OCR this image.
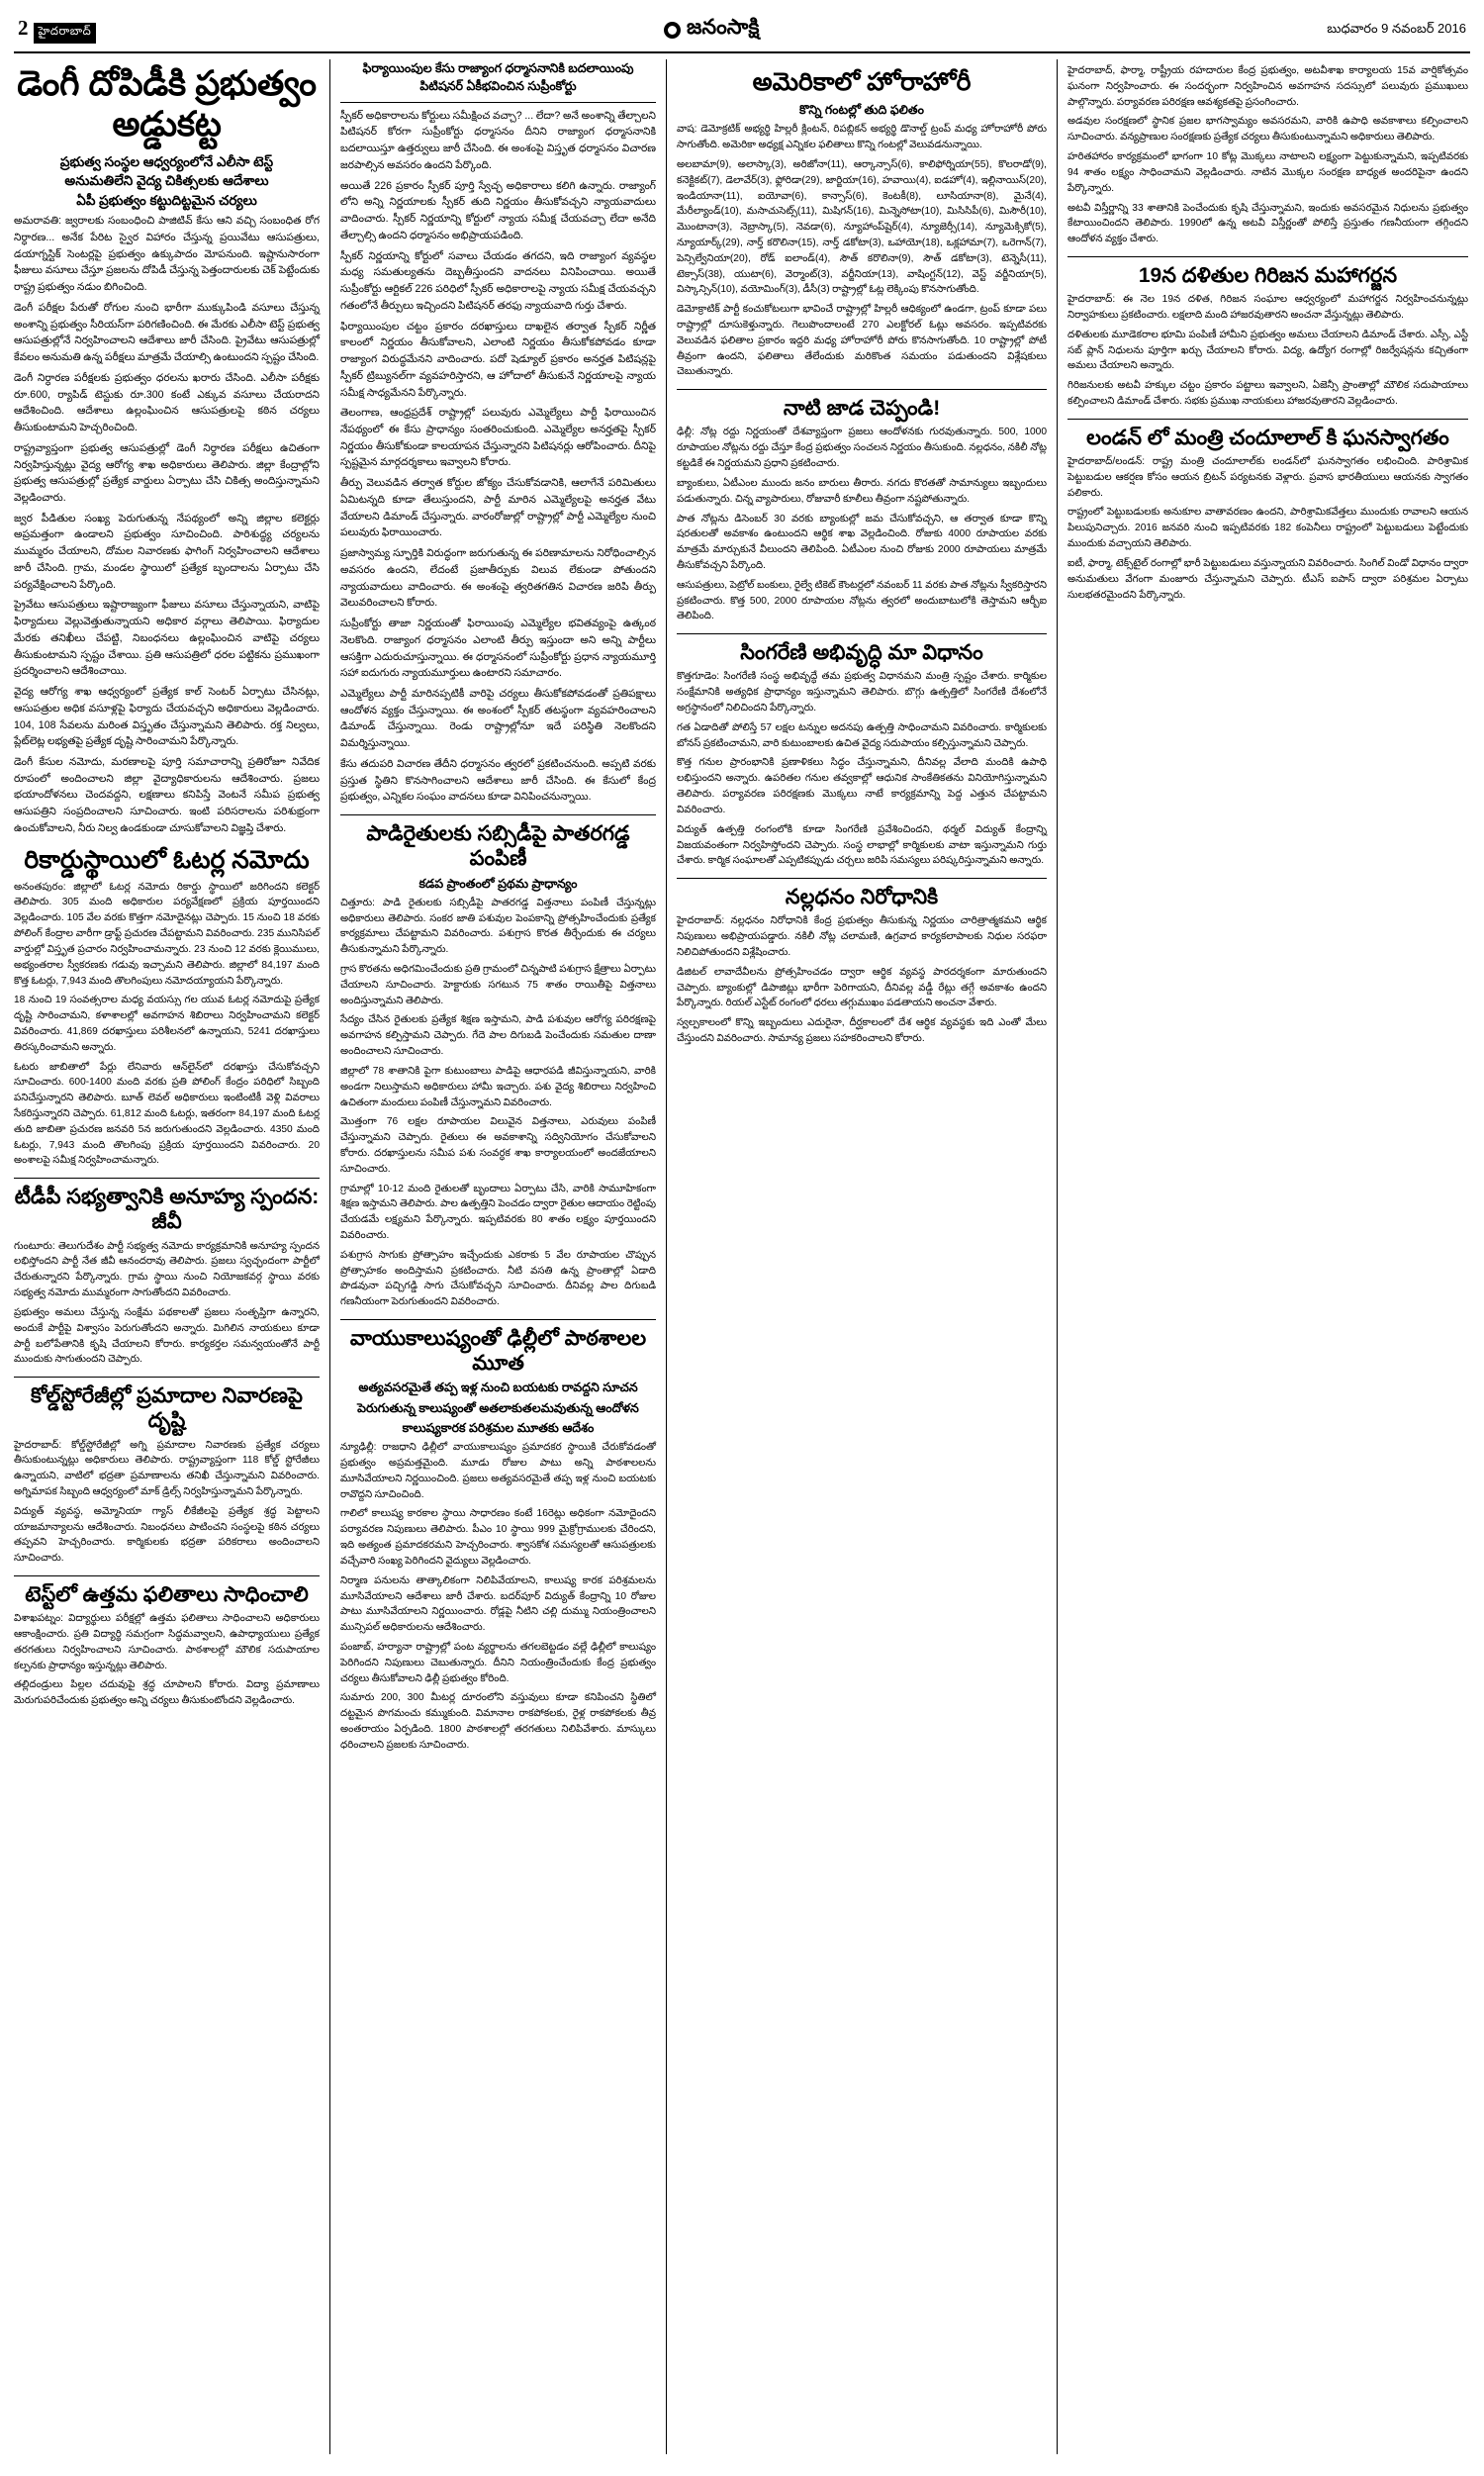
2 హైదరాబాద్	జనంసాక్షి	బుధవారం 9 నవంబర్ 2016
డెంగీ దోపిడీకి ప్రభుత్వం అడ్డుకట్ట
ప్రభుత్వ సంస్థల ఆధ్వర్యంలోనే ఎలీసా టెస్ట్
అనుమతిలేని వైద్య చికిత్సలకు ఆదేశాలు
ఏపీ ప్రభుత్వం కట్టుదిట్టమైన చర్యలు

అమరావతి: జ్వరాలకు సంబంధించి పాజిటివ్ కేసు ఆని వచ్చి సంబంధిత రోగ నిర్ధారణ... అనేక పేరిట స్వైర విహారం చేస్తున్న ప్రయివేటు ఆసుపత్రులు, డయాగ్నస్టిక్ సెంటర్లపై ప్రభుత్వం ఉక్కుపాదం మోపనుంది. ఇష్టానుసారంగా ఫీజులు వసూలు చేస్తూ ప్రజలను దోపిడీ చేస్తున్న పెత్తందారులకు చెక్ పెట్టేందుకు రాష్ట్ర ప్రభుత్వం నడుం బిగించింది.

డెంగీ పరీక్షల పేరుతో రోగుల నుంచి భారీగా ముక్కుపిండి వసూలు చేస్తున్న అంశాన్ని ప్రభుత్వం సీరియస్‌గా పరిగణించింది. ఈ మేరకు ఎలీసా టెస్ట్ ప్రభుత్వ ఆసుపత్రుల్లోనే నిర్వహించాలని ఆదేశాలు జారీ చేసింది. ప్రైవేటు ఆసుపత్రుల్లో కేవలం అనుమతి ఉన్న పరీక్షలు మాత్రమే చేయాల్సి ఉంటుందని స్పష్టం చేసింది.

డెంగీ నిర్ధారణ పరీక్షలకు ప్రభుత్వం ధరలను ఖరారు చేసింది. ఎలీసా పరీక్షకు రూ.600, ర్యాపిడ్ టెస్టుకు రూ.300 కంటే ఎక్కువ వసూలు చేయరాదని ఆదేశించింది. ఆదేశాలు ఉల్లంఘించిన ఆసుపత్రులపై కఠిన చర్యలు తీసుకుంటామని హెచ్చరించింది.

రాష్ట్రవ్యాప్తంగా ప్రభుత్వ ఆసుపత్రుల్లో డెంగీ నిర్ధారణ పరీక్షలు ఉచితంగా నిర్వహిస్తున్నట్లు వైద్య ఆరోగ్య శాఖ అధికారులు తెలిపారు. జిల్లా కేంద్రాల్లోని ప్రభుత్వ ఆసుపత్రుల్లో ప్రత్యేక వార్డులు ఏర్పాటు చేసి చికిత్స అందిస్తున్నామని వెల్లడించారు.

జ్వర పీడితుల సంఖ్య పెరుగుతున్న నేపథ్యంలో అన్ని జిల్లాల కలెక్టర్లు అప్రమత్తంగా ఉండాలని ప్రభుత్వం సూచించింది. పారిశుద్ధ్య చర్యలను ముమ్మరం చేయాలని, దోమల నివారణకు ఫాగింగ్ నిర్వహించాలని ఆదేశాలు జారీ చేసింది. గ్రామ, మండల స్థాయిలో ప్రత్యేక బృందాలను ఏర్పాటు చేసి పర్యవేక్షించాలని పేర్కొంది.

ప్రైవేటు ఆసుపత్రులు ఇష్టారాజ్యంగా ఫీజులు వసూలు చేస్తున్నాయని, వాటిపై ఫిర్యాదులు వెల్లువెత్తుతున్నాయని అధికార వర్గాలు తెలిపాయి. ఫిర్యాదుల మేరకు తనిఖీలు చేపట్టి, నిబంధనలు ఉల్లంఘించిన వాటిపై చర్యలు తీసుకుంటామని స్పష్టం చేశాయి. ప్రతి ఆసుపత్రిలో ధరల పట్టికను ప్రముఖంగా ప్రదర్శించాలని ఆదేశించాయి.

వైద్య ఆరోగ్య శాఖ ఆధ్వర్యంలో ప్రత్యేక కాల్ సెంటర్ ఏర్పాటు చేసినట్లు, ఆసుపత్రుల అధిక వసూళ్లపై ఫిర్యాదు చేయవచ్చని అధికారులు వెల్లడించారు. 104, 108 సేవలను మరింత విస్తృతం చేస్తున్నామని తెలిపారు. రక్త నిల్వలు, ప్లేట్‌లెట్ల లభ్యతపై ప్రత్యేక దృష్టి సారించామని పేర్కొన్నారు.

డెంగీ కేసుల నమోదు, మరణాలపై పూర్తి సమాచారాన్ని ప్రతిరోజూ నివేదిక రూపంలో అందించాలని జిల్లా వైద్యాధికారులను ఆదేశించారు. ప్రజలు భయాందోళనలు చెందవద్దని, లక్షణాలు కనిపిస్తే వెంటనే సమీప ప్రభుత్వ ఆసుపత్రిని సంప్రదించాలని సూచించారు. ఇంటి పరిసరాలను పరిశుభ్రంగా ఉంచుకోవాలని, నీరు నిల్వ ఉండకుండా చూసుకోవాలని విజ్ఞప్తి చేశారు.

రికార్డుస్థాయిలో ఓటర్ల నమోదు

అనంతపురం: జిల్లాలో ఓటర్ల నమోదు రికార్డు స్థాయిలో జరిగిందని కలెక్టర్ తెలిపారు. 305 మంది అధికారుల పర్యవేక్షణలో ప్రక్రియ పూర్తయిందని వెల్లడించారు. 105 వేల వరకు కొత్తగా నమోదైనట్లు చెప్పారు. 15 నుంచి 18 వరకు పోలింగ్ కేంద్రాల వారీగా డ్రాఫ్ట్ ప్రచురణ చేపట్టామని వివరించారు. 235 మునిసిపల్ వార్డుల్లో విస్తృత ప్రచారం నిర్వహించామన్నారు. 23 నుంచి 12 వరకు క్లెయిములు, అభ్యంతరాల స్వీకరణకు గడువు ఇచ్చామని తెలిపారు. జిల్లాలో 84,197 మంది కొత్త ఓటర్లు, 7,943 మంది తొలగింపులు నమోదయ్యాయని పేర్కొన్నారు.

18 నుంచి 19 సంవత్సరాల మధ్య వయస్సు గల యువ ఓటర్ల నమోదుపై ప్రత్యేక దృష్టి సారించామని, కళాశాలల్లో అవగాహన శిబిరాలు నిర్వహించామని కలెక్టర్ వివరించారు. 41,869 దరఖాస్తులు పరిశీలనలో ఉన్నాయని, 5241 దరఖాస్తులు తిరస్కరించామని అన్నారు.

ఓటరు జాబితాలో పేర్లు లేనివారు ఆన్‌లైన్‌లో దరఖాస్తు చేసుకోవచ్చని సూచించారు. 600-1400 మంది వరకు ప్రతి పోలింగ్ కేంద్రం పరిధిలో సిబ్బంది పనిచేస్తున్నారని తెలిపారు. బూత్ లెవల్ అధికారులు ఇంటింటికీ వెళ్లి వివరాలు సేకరిస్తున్నారని చెప్పారు. 61,812 మంది ఓటర్లు, ఇతరంగా 84,197 మంది ఓటర్ల తుది జాబితా ప్రచురణ జనవరి 5న జరుగుతుందని వెల్లడించారు. 4350 మంది ఓటర్లు, 7,943 మంది తొలగింపు ప్రక్రియ పూర్తయిందని వివరించారు. 20 అంశాలపై సమీక్ష నిర్వహించామన్నారు.

టీడీపీ సభ్యత్వానికి అనూహ్య స్పందన: జీవీ

గుంటూరు: తెలుగుదేశం పార్టీ సభ్యత్వ నమోదు కార్యక్రమానికి అనూహ్య స్పందన లభిస్తోందని పార్టీ నేత జీవీ ఆనందరావు తెలిపారు. ప్రజలు స్వచ్ఛందంగా పార్టీలో చేరుతున్నారని పేర్కొన్నారు. గ్రామ స్థాయి నుంచి నియోజకవర్గ స్థాయి వరకు సభ్యత్వ నమోదు ముమ్మరంగా సాగుతోందని వివరించారు.

ప్రభుత్వం అమలు చేస్తున్న సంక్షేమ పథకాలతో ప్రజలు సంతృప్తిగా ఉన్నారని, అందుకే పార్టీపై విశ్వాసం పెరుగుతోందని అన్నారు. మిగిలిన నాయకులు కూడా పార్టీ బలోపేతానికి కృషి చేయాలని కోరారు. కార్యకర్తల సమన్వయంతోనే పార్టీ ముందుకు సాగుతుందని చెప్పారు.

కోల్డ్‌స్టోరేజీల్లో ప్రమాదాల నివారణపై దృష్టి

హైదరాబాద్: కోల్డ్‌స్టోరేజీల్లో అగ్ని ప్రమాదాల నివారణకు ప్రత్యేక చర్యలు తీసుకుంటున్నట్లు అధికారులు తెలిపారు. రాష్ట్రవ్యాప్తంగా 118 కోల్డ్ స్టోరేజీలు ఉన్నాయని, వాటిలో భద్రతా ప్రమాణాలను తనిఖీ చేస్తున్నామని వివరించారు. అగ్నిమాపక సిబ్బంది ఆధ్వర్యంలో మాక్ డ్రిల్స్ నిర్వహిస్తున్నామని పేర్కొన్నారు.

విద్యుత్ వ్యవస్థ, అమ్మోనియా గ్యాస్ లీకేజీలపై ప్రత్యేక శ్రద్ధ పెట్టాలని యాజమాన్యాలను ఆదేశించారు. నిబంధనలు పాటించని సంస్థలపై కఠిన చర్యలు తప్పవని హెచ్చరించారు. కార్మికులకు భద్రతా పరికరాలు అందించాలని సూచించారు.

టెస్ట్‌లో ఉత్తమ ఫలితాలు సాధించాలి

విశాఖపట్నం: విద్యార్థులు పరీక్షల్లో ఉత్తమ ఫలితాలు సాధించాలని అధికారులు ఆకాంక్షించారు. ప్రతి విద్యార్థి సమగ్రంగా సిద్ధమవ్వాలని, ఉపాధ్యాయులు ప్రత్యేక తరగతులు నిర్వహించాలని సూచించారు. పాఠశాలల్లో మౌలిక సదుపాయాల కల్పనకు ప్రాధాన్యం ఇస్తున్నట్లు తెలిపారు.

తల్లిదండ్రులు పిల్లల చదువుపై శ్రద్ధ చూపాలని కోరారు. విద్యా ప్రమాణాలు మెరుగుపరిచేందుకు ప్రభుత్వం అన్ని చర్యలు తీసుకుంటోందని వెల్లడించారు.

ఫిర్యాయింపుల కేసు రాజ్యాంగ ధర్మాసనానికి బదలాయింపు
పిటిషనర్ ఏకీభవించిన సుప్రీంకోర్టు

స్పీకర్ అధికారాలను కోర్టులు సమీక్షించ వచ్చా? ... లేదా? అనే అంశాన్ని తేల్చాలని పిటిషనర్ కోరగా సుప్రీంకోర్టు ధర్మాసనం దీనిని రాజ్యాంగ ధర్మాసనానికి బదలాయిస్తూ ఉత్తర్వులు జారీ చేసింది. ఈ అంశంపై విస్తృత ధర్మాసనం విచారణ జరపాల్సిన అవసరం ఉందని పేర్కొంది.

అయితే 226 ప్రకారం స్పీకర్ పూర్తి స్వేచ్ఛ అధికారాలు కలిగి ఉన్నారు. రాజ్యాంగ్ లోని అన్ని నిర్ణయాలకు స్పీకర్ తుది నిర్ణయం తీసుకోవచ్చని న్యాయవాదులు వాదించారు. స్పీకర్ నిర్ణయాన్ని కోర్టులో న్యాయ సమీక్ష చేయవచ్చా లేదా అనేది తేల్చాల్సి ఉందని ధర్మాసనం అభిప్రాయపడింది.

స్పీకర్ నిర్ణయాన్ని కోర్టులో సవాలు చేయడం తగదని, ఇది రాజ్యాంగ వ్యవస్థల మధ్య సమతుల్యతను దెబ్బతీస్తుందని వాదనలు వినిపించాయి. అయితే సుప్రీంకోర్టు ఆర్టికల్ 226 పరిధిలో స్పీకర్ అధికారాలపై న్యాయ సమీక్ష చేయవచ్చని గతంలోనే తీర్పులు ఇచ్చిందని పిటిషనర్ తరఫు న్యాయవాది గుర్తు చేశారు.

ఫిర్యాయింపుల చట్టం ప్రకారం దరఖాస్తులు దాఖలైన తర్వాత స్పీకర్ నిర్ణీత కాలంలో నిర్ణయం తీసుకోవాలని, ఎలాంటి నిర్ణయం తీసుకోకపోవడం కూడా రాజ్యాంగ విరుద్ధమేనని వాదించారు. పదో షెడ్యూల్ ప్రకారం అనర్హత పిటిషన్లపై స్పీకర్ ట్రిబ్యునల్‌గా వ్యవహరిస్తారని, ఆ హోదాలో తీసుకునే నిర్ణయాలపై న్యాయ సమీక్ష సాధ్యమేనని పేర్కొన్నారు.

తెలంగాణ, ఆంధ్రప్రదేశ్ రాష్ట్రాల్లో పలువురు ఎమ్మెల్యేలు పార్టీ ఫిరాయించిన నేపథ్యంలో ఈ కేసు ప్రాధాన్యం సంతరించుకుంది. ఎమ్మెల్యేల అనర్హతపై స్పీకర్ నిర్ణయం తీసుకోకుండా కాలయాపన చేస్తున్నారని పిటిషనర్లు ఆరోపించారు. దీనిపై స్పష్టమైన మార్గదర్శకాలు ఇవ్వాలని కోరారు.

తీర్పు వెలువడిన తర్వాత కోర్టుల జోక్యం చేసుకోవడానికి, ఆలాగేనే పరిమితులు ఏమిటన్నది కూడా తేలుస్తుందని, పార్టీ మారిన ఎమ్మెల్యేలపై అనర్హత వేటు వేయాలని డిమాండ్ చేస్తున్నారు. వారంరోజుల్లో రాష్ట్రాల్లో పార్టీ ఎమ్మెల్యేల నుంచి పలువురు ఫిరాయించారు.

ప్రజాస్వామ్య స్ఫూర్తికి విరుద్ధంగా జరుగుతున్న ఈ పరిణామాలను నిరోధించాల్సిన అవసరం ఉందని, లేదంటే ప్రజాతీర్పుకు విలువ లేకుండా పోతుందని న్యాయవాదులు వాదించారు. ఈ అంశంపై త్వరితగతిన విచారణ జరిపి తీర్పు వెలువరించాలని కోరారు.

సుప్రీంకోర్టు తాజా నిర్ణయంతో ఫిరాయింపు ఎమ్మెల్యేల భవితవ్యంపై ఉత్కంఠ నెలకొంది. రాజ్యాంగ ధర్మాసనం ఎలాంటి తీర్పు ఇస్తుందా అని అన్ని పార్టీలు ఆసక్తిగా ఎదురుచూస్తున్నాయి. ఈ ధర్మాసనంలో సుప్రీంకోర్టు ప్రధాన న్యాయమూర్తి సహా ఐదుగురు న్యాయమూర్తులు ఉంటారని సమాచారం.

ఎమ్మెల్యేలు పార్టీ మారినప్పటికీ వారిపై చర్యలు తీసుకోకపోవడంతో ప్రతిపక్షాలు ఆందోళన వ్యక్తం చేస్తున్నాయి. ఈ అంశంలో స్పీకర్ తటస్థంగా వ్యవహరించాలని డిమాండ్ చేస్తున్నాయి. రెండు రాష్ట్రాల్లోనూ ఇదే పరిస్థితి నెలకొందని విమర్శిస్తున్నాయి.

కేసు తదుపరి విచారణ తేదీని ధర్మాసనం త్వరలో ప్రకటించనుంది. అప్పటి వరకు ప్రస్తుత స్థితిని కొనసాగించాలని ఆదేశాలు జారీ చేసింది. ఈ కేసులో కేంద్ర ప్రభుత్వం, ఎన్నికల సంఘం వాదనలు కూడా వినిపించనున్నాయి.

పాడిరైతులకు సబ్సిడీపై పాతరగడ్డ పంపిణీ
కడప ప్రాంతంలో ప్రథమ ప్రాధాన్యం

చిత్తూరు: పాడి రైతులకు సబ్సిడీపై పాతరగడ్డ విత్తనాలు పంపిణీ చేస్తున్నట్లు అధికారులు తెలిపారు. సంకర జాతి పశువుల పెంపకాన్ని ప్రోత్సహించేందుకు ప్రత్యేక కార్యక్రమాలు చేపట్టామని వివరించారు. పశుగ్రాస కొరత తీర్చేందుకు ఈ చర్యలు తీసుకున్నామని పేర్కొన్నారు.

గ్రాస కొరతను అధిగమించేందుకు ప్రతి గ్రామంలో చిన్నపాటి పశుగ్రాస క్షేత్రాలు ఏర్పాటు చేయాలని సూచించారు. హెక్టారుకు సగటున 75 శాతం రాయితీపై విత్తనాలు అందిస్తున్నామని తెలిపారు.

సేద్యం చేసిన రైతులకు ప్రత్యేక శిక్షణ ఇస్తామని, పాడి పశువుల ఆరోగ్య పరిరక్షణపై అవగాహన కల్పిస్తామని చెప్పారు. గేదె పాల దిగుబడి పెంచేందుకు సమతుల దాణా అందించాలని సూచించారు.

జిల్లాలో 78 శాతానికి పైగా కుటుంబాలు పాడిపై ఆధారపడి జీవిస్తున్నాయని, వారికి అండగా నిలుస్తామని అధికారులు హామీ ఇచ్చారు. పశు వైద్య శిబిరాలు నిర్వహించి ఉచితంగా మందులు పంపిణీ చేస్తున్నామని వివరించారు.

మొత్తంగా 76 లక్షల రూపాయల విలువైన విత్తనాలు, ఎరువులు పంపిణీ చేస్తున్నామని చెప్పారు. రైతులు ఈ అవకాశాన్ని సద్వినియోగం చేసుకోవాలని కోరారు. దరఖాస్తులను సమీప పశు సంవర్ధక శాఖ కార్యాలయంలో అందజేయాలని సూచించారు.

గ్రామాల్లో 10-12 మంది రైతులతో బృందాలు ఏర్పాటు చేసి, వారికి సామూహికంగా శిక్షణ ఇస్తామని తెలిపారు. పాల ఉత్పత్తిని పెంచడం ద్వారా రైతుల ఆదాయం రెట్టింపు చేయడమే లక్ష్యమని పేర్కొన్నారు. ఇప్పటివరకు 80 శాతం లక్ష్యం పూర్తయిందని వివరించారు.

పశుగ్రాస సాగుకు ప్రోత్సాహం ఇచ్చేందుకు ఎకరాకు 5 వేల రూపాయల చొప్పున ప్రోత్సాహకం అందిస్తామని ప్రకటించారు. నీటి వసతి ఉన్న ప్రాంతాల్లో ఏడాది పొడవునా పచ్చిగడ్డి సాగు చేసుకోవచ్చని సూచించారు. దీనివల్ల పాల దిగుబడి గణనీయంగా పెరుగుతుందని వివరించారు.

వాయుకాలుష్యంతో ఢిల్లీలో పాఠశాలల మూత
అత్యవసరమైతే తప్ప ఇళ్ల నుంచి బయటకు రావద్దని సూచన
పెరుగుతున్న కాలుష్యంతో అతలాకుతలమవుతున్న ఆందోళన
కాలుష్యకారక పరిశ్రమల మూతకు ఆదేశం

న్యూఢిల్లీ: రాజధాని ఢిల్లీలో వాయుకాలుష్యం ప్రమాదకర స్థాయికి చేరుకోవడంతో ప్రభుత్వం అప్రమత్తమైంది. మూడు రోజుల పాటు అన్ని పాఠశాలలను మూసివేయాలని నిర్ణయించింది. ప్రజలు అత్యవసరమైతే తప్ప ఇళ్ల నుంచి బయటకు రావొద్దని సూచించింది.

గాలిలో కాలుష్య కారకాల స్థాయి సాధారణం కంటే 16రెట్లు అధికంగా నమోదైందని పర్యావరణ నిపుణులు తెలిపారు. పీఎం 10 స్థాయి 999 మైక్రోగ్రాములకు చేరిందని, ఇది అత్యంత ప్రమాదకరమని హెచ్చరించారు. శ్వాసకోశ సమస్యలతో ఆసుపత్రులకు వచ్చేవారి సంఖ్య పెరిగిందని వైద్యులు వెల్లడించారు.

నిర్మాణ పనులను తాత్కాలికంగా నిలిపివేయాలని, కాలుష్య కారక పరిశ్రమలను మూసివేయాలని ఆదేశాలు జారీ చేశారు. బదర్‌పూర్ విద్యుత్ కేంద్రాన్ని 10 రోజుల పాటు మూసివేయాలని నిర్ణయించారు. రోడ్లపై నీటిని చల్లి దుమ్ము నియంత్రించాలని మున్సిపల్ అధికారులను ఆదేశించారు.

పంజాబ్, హర్యానా రాష్ట్రాల్లో పంట వ్యర్థాలను తగలబెట్టడం వల్లే ఢిల్లీలో కాలుష్యం పెరిగిందని నిపుణులు చెబుతున్నారు. దీనిని నియంత్రించేందుకు కేంద్ర ప్రభుత్వం చర్యలు తీసుకోవాలని ఢిల్లీ ప్రభుత్వం కోరింది.

సుమారు 200, 300 మీటర్ల దూరంలోని వస్తువులు కూడా కనిపించని స్థితిలో దట్టమైన పొగమంచు కమ్ముకుంది. విమానాల రాకపోకలకు, రైళ్ల రాకపోకలకు తీవ్ర అంతరాయం ఏర్పడింది. 1800 పాఠశాలల్లో తరగతులు నిలిపివేశారు. మాస్కులు ధరించాలని ప్రజలకు సూచించారు.

అమెరికాలో హోరాహోరీ
కొన్ని గంటల్లో తుది ఫలితం

వాష: డెమోక్రటిక్ అభ్యర్థి హిల్లరీ క్లింటన్, రిపబ్లికన్ అభ్యర్థి డొనాల్డ్ ట్రంప్ మధ్య హోరాహోరీ పోరు సాగుతోంది. అమెరికా అధ్యక్ష ఎన్నికల ఫలితాలు కొన్ని గంటల్లో వెలువడనున్నాయి.

అలబామా(9), అలాస్కా(3), అరిజోనా(11), ఆర్కాన్సాస్(6), కాలిఫోర్నియా(55), కొలరాడో(9), కనెక్టికట్(7), డెలావేర్(3), ఫ్లోరిడా(29), జార్జియా(16), హవాయి(4), ఐడహో(4), ఇల్లినాయిస్(20), ఇండియానా(11), ఐయోవా(6), కాన్సాస్(6), కెంటకీ(8), లూసియానా(8), మైనే(4), మేరీల్యాండ్(10), మసాచుసెట్స్(11), మిషిగన్(16), మిన్నెసోటా(10), మిసిసిపీ(6), మిసౌరీ(10), మొంటానా(3), నెబ్రాస్కా(5), నెవడా(6), న్యూహాంప్‌షైర్(4), న్యూజెర్సీ(14), న్యూమెక్సికో(5), న్యూయార్క్(29), నార్త్ కరొలినా(15), నార్త్ డకోటా(3), ఒహాయో(18), ఒక్లహామా(7), ఒరెగాన్(7), పెన్సిల్వేనియా(20), రోడ్ ఐలాండ్(4), సౌత్ కరొలినా(9), సౌత్ డకోటా(3), టెన్నెసీ(11), టెక్సాస్(38), యుటా(6), వెర్మాంట్(3), వర్జీనియా(13), వాషింగ్టన్(12), వెస్ట్ వర్జీనియా(5), విస్కాన్సిన్(10), వయోమింగ్(3), డీసీ(3) రాష్ట్రాల్లో ఓట్ల లెక్కింపు కొనసాగుతోంది.

డెమోక్రాటిక్ పార్టీ కంచుకోటలుగా భావించే రాష్ట్రాల్లో హిల్లరీ ఆధిక్యంలో ఉండగా, ట్రంప్ కూడా పలు రాష్ట్రాల్లో దూసుకెళ్తున్నారు. గెలుపొందాలంటే 270 ఎలక్టోరల్ ఓట్లు అవసరం. ఇప్పటివరకు వెలువడిన ఫలితాల ప్రకారం ఇద్దరి మధ్య హోరాహోరీ పోరు కొనసాగుతోంది. 10 రాష్ట్రాల్లో పోటీ తీవ్రంగా ఉందని, ఫలితాలు తేలేందుకు మరికొంత సమయం పడుతుందని విశ్లేషకులు చెబుతున్నారు.

నాటి జాడ చెప్పండి!

ఢిల్లీ: నోట్ల రద్దు నిర్ణయంతో దేశవ్యాప్తంగా ప్రజలు ఆందోళనకు గురవుతున్నారు. 500, 1000 రూపాయల నోట్లను రద్దు చేస్తూ కేంద్ర ప్రభుత్వం సంచలన నిర్ణయం తీసుకుంది. నల్లధనం, నకిలీ నోట్ల కట్టడికే ఈ నిర్ణయమని ప్రధాని ప్రకటించారు.

బ్యాంకులు, ఏటీఎంల ముందు జనం బారులు తీరారు. నగదు కొరతతో సామాన్యులు ఇబ్బందులు పడుతున్నారు. చిన్న వ్యాపారులు, రోజువారీ కూలీలు తీవ్రంగా నష్టపోతున్నారు.

పాత నోట్లను డిసెంబర్ 30 వరకు బ్యాంకుల్లో జమ చేసుకోవచ్చని, ఆ తర్వాత కూడా కొన్ని షరతులతో అవకాశం ఉంటుందని ఆర్థిక శాఖ వెల్లడించింది. రోజుకు 4000 రూపాయల వరకు మాత్రమే మార్చుకునే వీలుందని తెలిపింది. ఏటీఎంల నుంచి రోజుకు 2000 రూపాయలు మాత్రమే తీసుకోవచ్చని పేర్కొంది.

ఆసుపత్రులు, పెట్రోల్ బంకులు, రైల్వే టికెట్ కౌంటర్లలో నవంబర్ 11 వరకు పాత నోట్లను స్వీకరిస్తారని ప్రకటించారు. కొత్త 500, 2000 రూపాయల నోట్లను త్వరలో అందుబాటులోకి తెస్తామని ఆర్బీఐ తెలిపింది.

సింగరేణి అభివృద్ధి మా విధానం

కొత్తగూడెం: సింగరేణి సంస్థ అభివృద్ధే తమ ప్రభుత్వ విధానమని మంత్రి స్పష్టం చేశారు. కార్మికుల సంక్షేమానికి అత్యధిక ప్రాధాన్యం ఇస్తున్నామని తెలిపారు. బొగ్గు ఉత్పత్తిలో సింగరేణి దేశంలోనే అగ్రస్థానంలో నిలిచిందని పేర్కొన్నారు.

గత ఏడాదితో పోలిస్తే 57 లక్షల టన్నుల అదనపు ఉత్పత్తి సాధించామని వివరించారు. కార్మికులకు బోనస్ ప్రకటించామని, వారి కుటుంబాలకు ఉచిత వైద్య సదుపాయం కల్పిస్తున్నామని చెప్పారు.

కొత్త గనుల ప్రారంభానికి ప్రణాళికలు సిద్ధం చేస్తున్నామని, దీనివల్ల వేలాది మందికి ఉపాధి లభిస్తుందని అన్నారు. ఉపరితల గనుల తవ్వకాల్లో ఆధునిక సాంకేతికతను వినియోగిస్తున్నామని తెలిపారు. పర్యావరణ పరిరక్షణకు మొక్కలు నాటే కార్యక్రమాన్ని పెద్ద ఎత్తున చేపట్టామని వివరించారు.

విద్యుత్ ఉత్పత్తి రంగంలోకి కూడా సింగరేణి ప్రవేశించిందని, థర్మల్ విద్యుత్ కేంద్రాన్ని విజయవంతంగా నిర్వహిస్తోందని చెప్పారు. సంస్థ లాభాల్లో కార్మికులకు వాటా ఇస్తున్నామని గుర్తు చేశారు. కార్మిక సంఘాలతో ఎప్పటికప్పుడు చర్చలు జరిపి సమస్యలు పరిష్కరిస్తున్నామని అన్నారు.

నల్లధనం నిరోధానికి

హైదరాబాద్: నల్లధనం నిరోధానికి కేంద్ర ప్రభుత్వం తీసుకున్న నిర్ణయం చారిత్రాత్మకమని ఆర్థిక నిపుణులు అభిప్రాయపడ్డారు. నకిలీ నోట్ల చలామణి, ఉగ్రవాద కార్యకలాపాలకు నిధుల సరఫరా నిలిచిపోతుందని విశ్లేషించారు.

డిజిటల్ లావాదేవీలను ప్రోత్సహించడం ద్వారా ఆర్థిక వ్యవస్థ పారదర్శకంగా మారుతుందని చెప్పారు. బ్యాంకుల్లో డిపాజిట్లు భారీగా పెరిగాయని, దీనివల్ల వడ్డీ రేట్లు తగ్గే అవకాశం ఉందని పేర్కొన్నారు. రియల్ ఎస్టేట్ రంగంలో ధరలు తగ్గుముఖం పడతాయని అంచనా వేశారు.

స్వల్పకాలంలో కొన్ని ఇబ్బందులు ఎదురైనా, దీర్ఘకాలంలో దేశ ఆర్థిక వ్యవస్థకు ఇది ఎంతో మేలు చేస్తుందని వివరించారు. సామాన్య ప్రజలు సహకరించాలని కోరారు.

హైదరాబాద్, ఫార్మా, రాష్ట్రీయ రహదారుల కేంద్ర ప్రభుత్వం, అటవీశాఖ కార్యాలయ 15వ వార్షికోత్సవం ఘనంగా నిర్వహించారు. ఈ సందర్భంగా నిర్వహించిన అవగాహన సదస్సులో పలువురు ప్రముఖులు పాల్గొన్నారు. పర్యావరణ పరిరక్షణ ఆవశ్యకతపై ప్రసంగించారు.

అడవుల సంరక్షణలో స్థానిక ప్రజల భాగస్వామ్యం అవసరమని, వారికి ఉపాధి అవకాశాలు కల్పించాలని సూచించారు. వన్యప్రాణుల సంరక్షణకు ప్రత్యేక చర్యలు తీసుకుంటున్నామని అధికారులు తెలిపారు.

హరితహారం కార్యక్రమంలో భాగంగా 10 కోట్ల మొక్కలు నాటాలని లక్ష్యంగా పెట్టుకున్నామని, ఇప్పటివరకు 94 శాతం లక్ష్యం సాధించామని వెల్లడించారు. నాటిన మొక్కల సంరక్షణ బాధ్యత అందరిపైనా ఉందని పేర్కొన్నారు.

అటవీ విస్తీర్ణాన్ని 33 శాతానికి పెంచేందుకు కృషి చేస్తున్నామని, ఇందుకు అవసరమైన నిధులను ప్రభుత్వం కేటాయించిందని తెలిపారు. 1990లో ఉన్న అటవీ విస్తీర్ణంతో పోలిస్తే ప్రస్తుతం గణనీయంగా తగ్గిందని ఆందోళన వ్యక్తం చేశారు.

19న దళితుల గిరిజన మహాగర్జన

హైదరాబాద్: ఈ నెల 19న దళిత, గిరిజన సంఘాల ఆధ్వర్యంలో మహాగర్జన నిర్వహించనున్నట్లు నిర్వాహకులు ప్రకటించారు. లక్షలాది మంది హాజరవుతారని అంచనా వేస్తున్నట్లు తెలిపారు.

దళితులకు మూడెకరాల భూమి పంపిణీ హామీని ప్రభుత్వం అమలు చేయాలని డిమాండ్ చేశారు. ఎస్సీ, ఎస్టీ సబ్ ప్లాన్ నిధులను పూర్తిగా ఖర్చు చేయాలని కోరారు. విద్య, ఉద్యోగ రంగాల్లో రిజర్వేషన్లను కచ్చితంగా అమలు చేయాలని అన్నారు.

గిరిజనులకు అటవీ హక్కుల చట్టం ప్రకారం పట్టాలు ఇవ్వాలని, ఏజెన్సీ ప్రాంతాల్లో మౌలిక సదుపాయాలు కల్పించాలని డిమాండ్ చేశారు. సభకు ప్రముఖ నాయకులు హాజరవుతారని వెల్లడించారు.

లండన్ లో మంత్రి చందూలాల్ కి ఘనస్వాగతం

హైదరాబాద్/లండన్: రాష్ట్ర మంత్రి చందూలాల్‌కు లండన్‌లో ఘనస్వాగతం లభించింది. పారిశ్రామిక పెట్టుబడుల ఆకర్షణ కోసం ఆయన బ్రిటన్ పర్యటనకు వెళ్లారు. ప్రవాస భారతీయులు ఆయనకు స్వాగతం పలికారు.

రాష్ట్రంలో పెట్టుబడులకు అనుకూల వాతావరణం ఉందని, పారిశ్రామికవేత్తలు ముందుకు రావాలని ఆయన పిలుపునిచ్చారు. 2016 జనవరి నుంచి ఇప్పటివరకు 182 కంపెనీలు రాష్ట్రంలో పెట్టుబడులు పెట్టేందుకు ముందుకు వచ్చాయని తెలిపారు.

ఐటీ, ఫార్మా, టెక్స్‌టైల్ రంగాల్లో భారీ పెట్టుబడులు వస్తున్నాయని వివరించారు. సింగిల్ విండో విధానం ద్వారా అనుమతులు వేగంగా మంజూరు చేస్తున్నామని చెప్పారు. టీఎస్ ఐపాస్ ద్వారా పరిశ్రమల ఏర్పాటు సులభతరమైందని పేర్కొన్నారు.
